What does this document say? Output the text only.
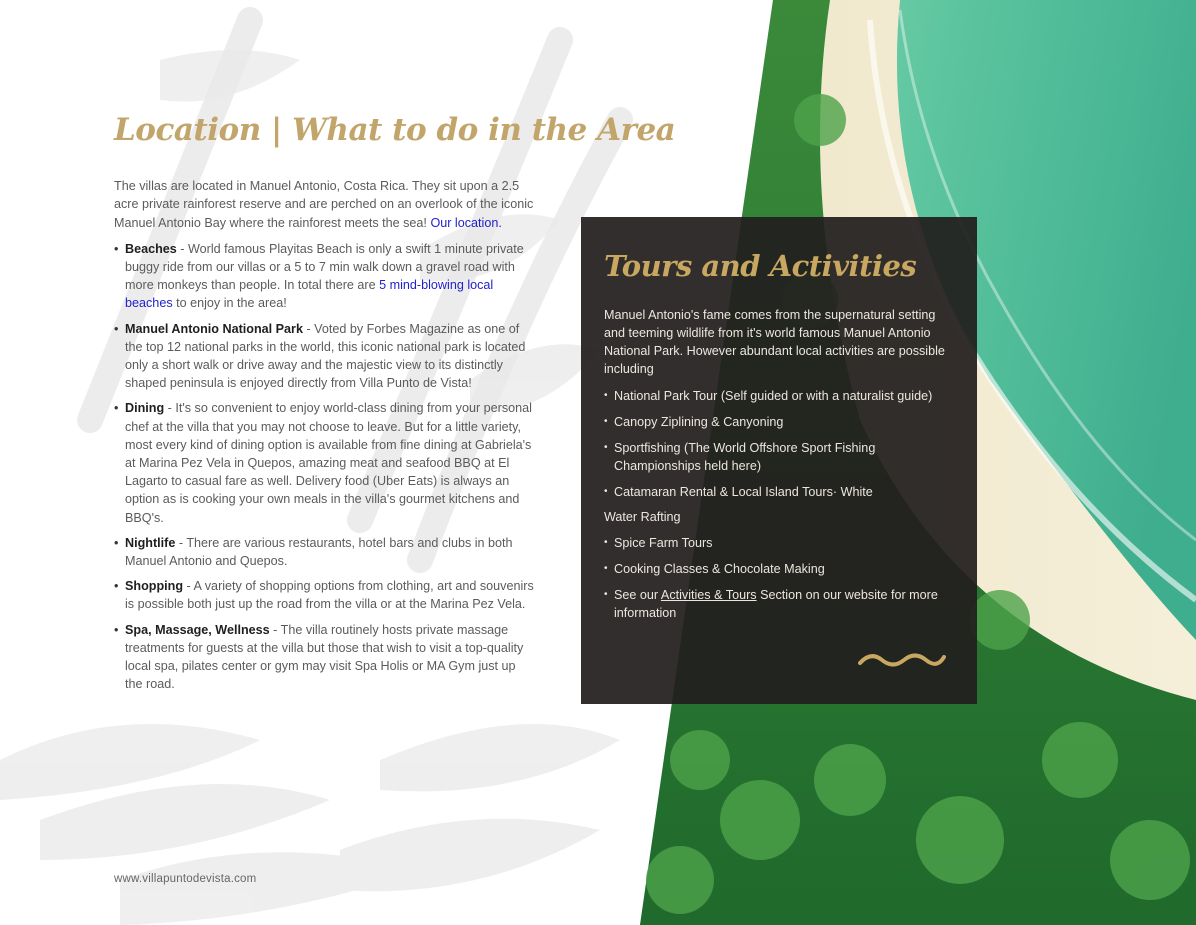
Location | What to do in the Area

The villas are located in Manuel Antonio, Costa Rica. They sit upon a 2.5 acre private rainforest reserve and are perched on an overlook of the iconic Manuel Antonio Bay where the rainforest meets the sea! Our location.

• Beaches - World famous Playitas Beach is only a swift 1 minute private buggy ride from our villas or a 5 to 7 min walk down a gravel road with more monkeys than people. In total there are 5 mind-blowing local beaches to enjoy in the area!
• Manuel Antonio National Park - Voted by Forbes Magazine as one of the top 12 national parks in the world, this iconic national park is located only a short walk or drive away and the majestic view to its distinctly shaped peninsula is enjoyed directly from Villa Punto de Vista!
• Dining - It's so convenient to enjoy world-class dining from your personal chef at the villa that you may not choose to leave. But for a little variety, most every kind of dining option is available from fine dining at Gabriela's at Marina Pez Vela in Quepos, amazing meat and seafood BBQ at El Lagarto to casual fare as well. Delivery food (Uber Eats) is always an option as is cooking your own meals in the villa's gourmet kitchens and BBQ's.
• Nightlife - There are various restaurants, hotel bars and clubs in both Manuel Antonio and Quepos.
• Shopping - A variety of shopping options from clothing, art and souvenirs is possible both just up the road from the villa or at the Marina Pez Vela.
• Spa, Massage, Wellness - The villa routinely hosts private massage treatments for guests at the villa but those that wish to visit a top-quality local spa, pilates center or gym may visit Spa Holis or MA Gym just up the road.
www.villapuntodevista.com
Tours and Activities

Manuel Antonio's fame comes from the supernatural setting and teeming wildlife from it's world famous Manuel Antonio National Park. However abundant local activities are possible including

• National Park Tour (Self guided or with a naturalist guide)
• Canopy Ziplining & Canyoning
• Sportfishing (The World Offshore Sport Fishing Championships held here)
• Catamaran Rental & Local Island Tours· White
Water Rafting
• Spice Farm Tours
• Cooking Classes & Chocolate Making
• See our Activities & Tours Section on our website for more information
